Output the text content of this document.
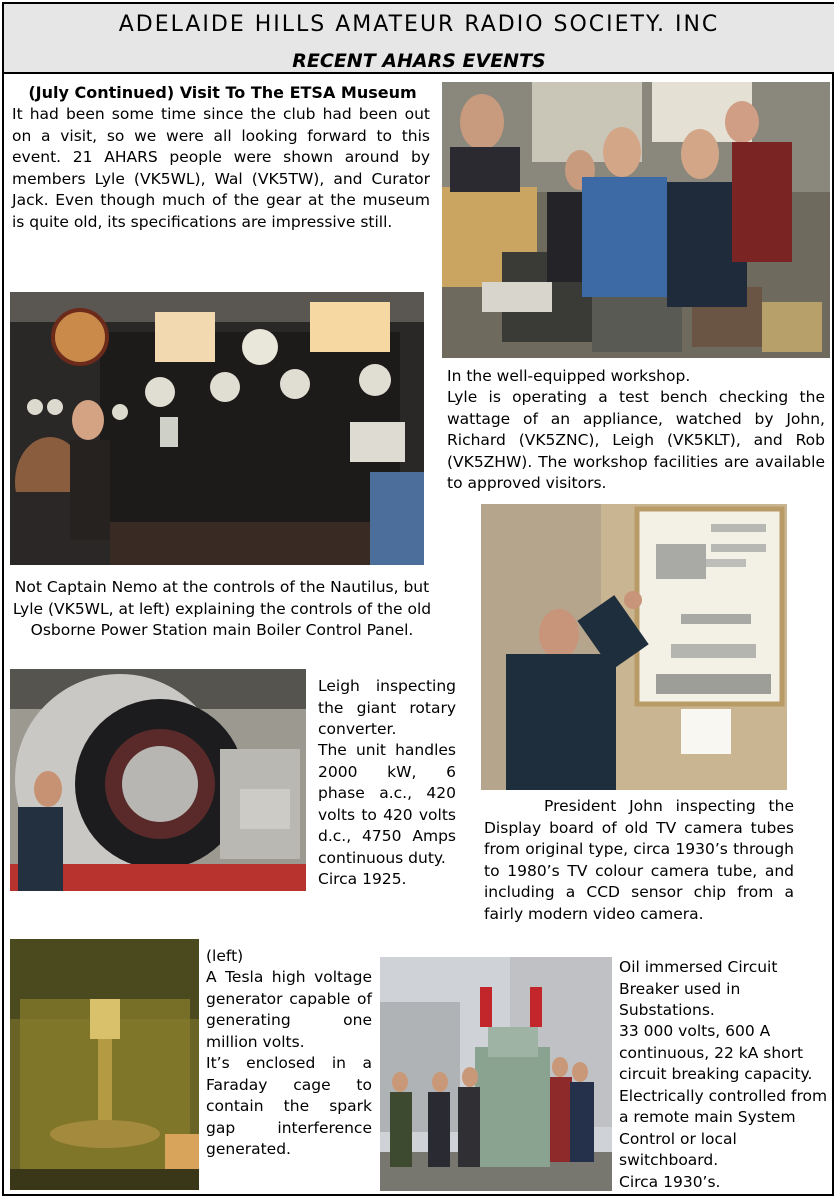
ADELAIDE HILLS AMATEUR RADIO SOCIETY. INC
RECENT AHARS EVENTS
(July Continued) Visit To The ETSA Museum
It had been some time since the club had been out on a visit, so we were all looking forward to this event. 21 AHARS people were shown around by members Lyle (VK5WL), Wal (VK5TW), and Curator Jack. Even though much of the gear at the museum is quite old, its specifications are impressive still.
In the well-equipped workshop.
Lyle is operating a test bench checking the wattage of an appliance, watched by John, Richard (VK5ZNC), Leigh (VK5KLT), and Rob (VK5ZHW). The workshop facilities are available to approved visitors.
Not Captain Nemo at the controls of the Nautilus, but Lyle (VK5WL, at left) explaining the controls of the old Osborne Power Station main Boiler Control Panel.
Leigh inspecting the giant rotary converter.
The unit handles 2000 kW, 6 phase a.c., 420 volts to 420 volts d.c., 4750 Amps continuous duty.
Circa 1925.
President John inspecting the Display board of old TV camera tubes from original type, circa 1930’s through to 1980’s TV colour camera tube, and including a CCD sensor chip from a fairly modern video camera.
(left)
A Tesla high voltage generator capable of generating one million volts.
It’s enclosed in a Faraday cage to contain the spark gap interference generated.
Oil immersed Circuit Breaker used in Substations.
33 000 volts, 600 A continuous, 22 kA short circuit breaking capacity. Electrically controlled from a remote main System Control or local switchboard.
Circa 1930’s.
